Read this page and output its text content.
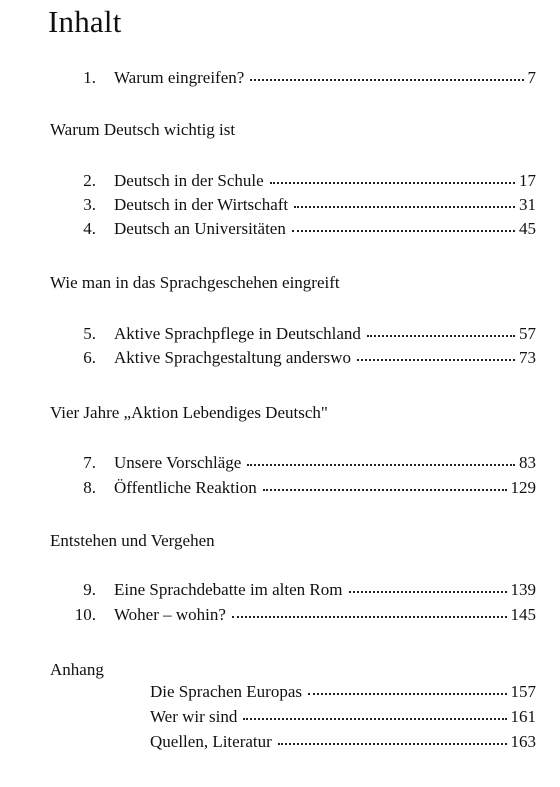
Inhalt
1. Warum eingreifen?	7
Warum Deutsch wichtig ist
2. Deutsch in der Schule	17
3. Deutsch in der Wirtschaft	31
4. Deutsch an Universitäten	45
Wie man in das Sprachgeschehen eingreift
5. Aktive Sprachpflege in Deutschland	57
6. Aktive Sprachgestaltung anderswo	73
Vier Jahre „Aktion Lebendiges Deutsch"
7. Unsere Vorschläge	83
8. Öffentliche Reaktion	129
Entstehen und Vergehen
9. Eine Sprachdebatte im alten Rom	139
10. Woher – wohin?	145
Anhang
Die Sprachen Europas	157
Wer wir sind	161
Quellen, Literatur	163
